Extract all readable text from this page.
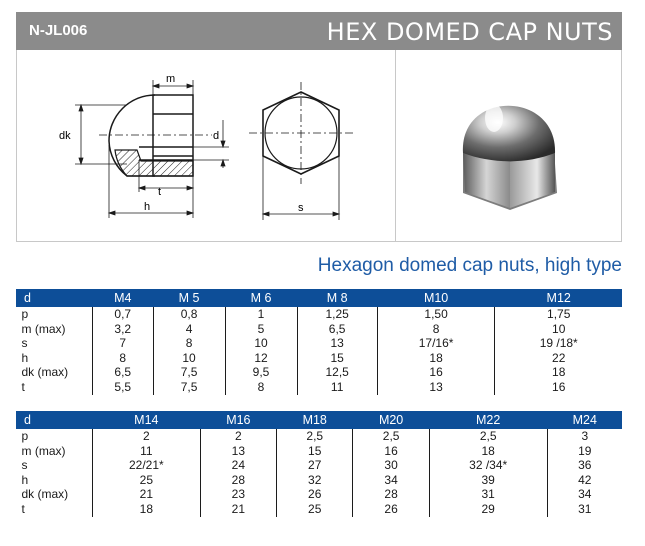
N-JL006	HEX DOMED CAP NUTS
m
dk	d
t
h	s
Hexagon domed cap nuts, high type
d	M4	M 5	M 6	M 8	M10	M12
p	0,7	0,8	1	1,25	1,50	1,75
m (max)	3,2	4	5	6,5	8	10
s	7	8	10	13	17/16*	19 /18*
h	8	10	12	15	18	22
dk (max)	6,5	7,5	9,5	12,5	16	18
t	5,5	7,5	8	11	13	16
d	M14	M16	M18	M20	M22	M24
p	2	2	2,5	2,5	2,5	3
m (max)	11	13	15	16	18	19
s	22/21*	24	27	30	32 /34*	36
h	25	28	32	34	39	42
dk (max)	21	23	26	28	31	34
t	18	21	25	26	29	31
